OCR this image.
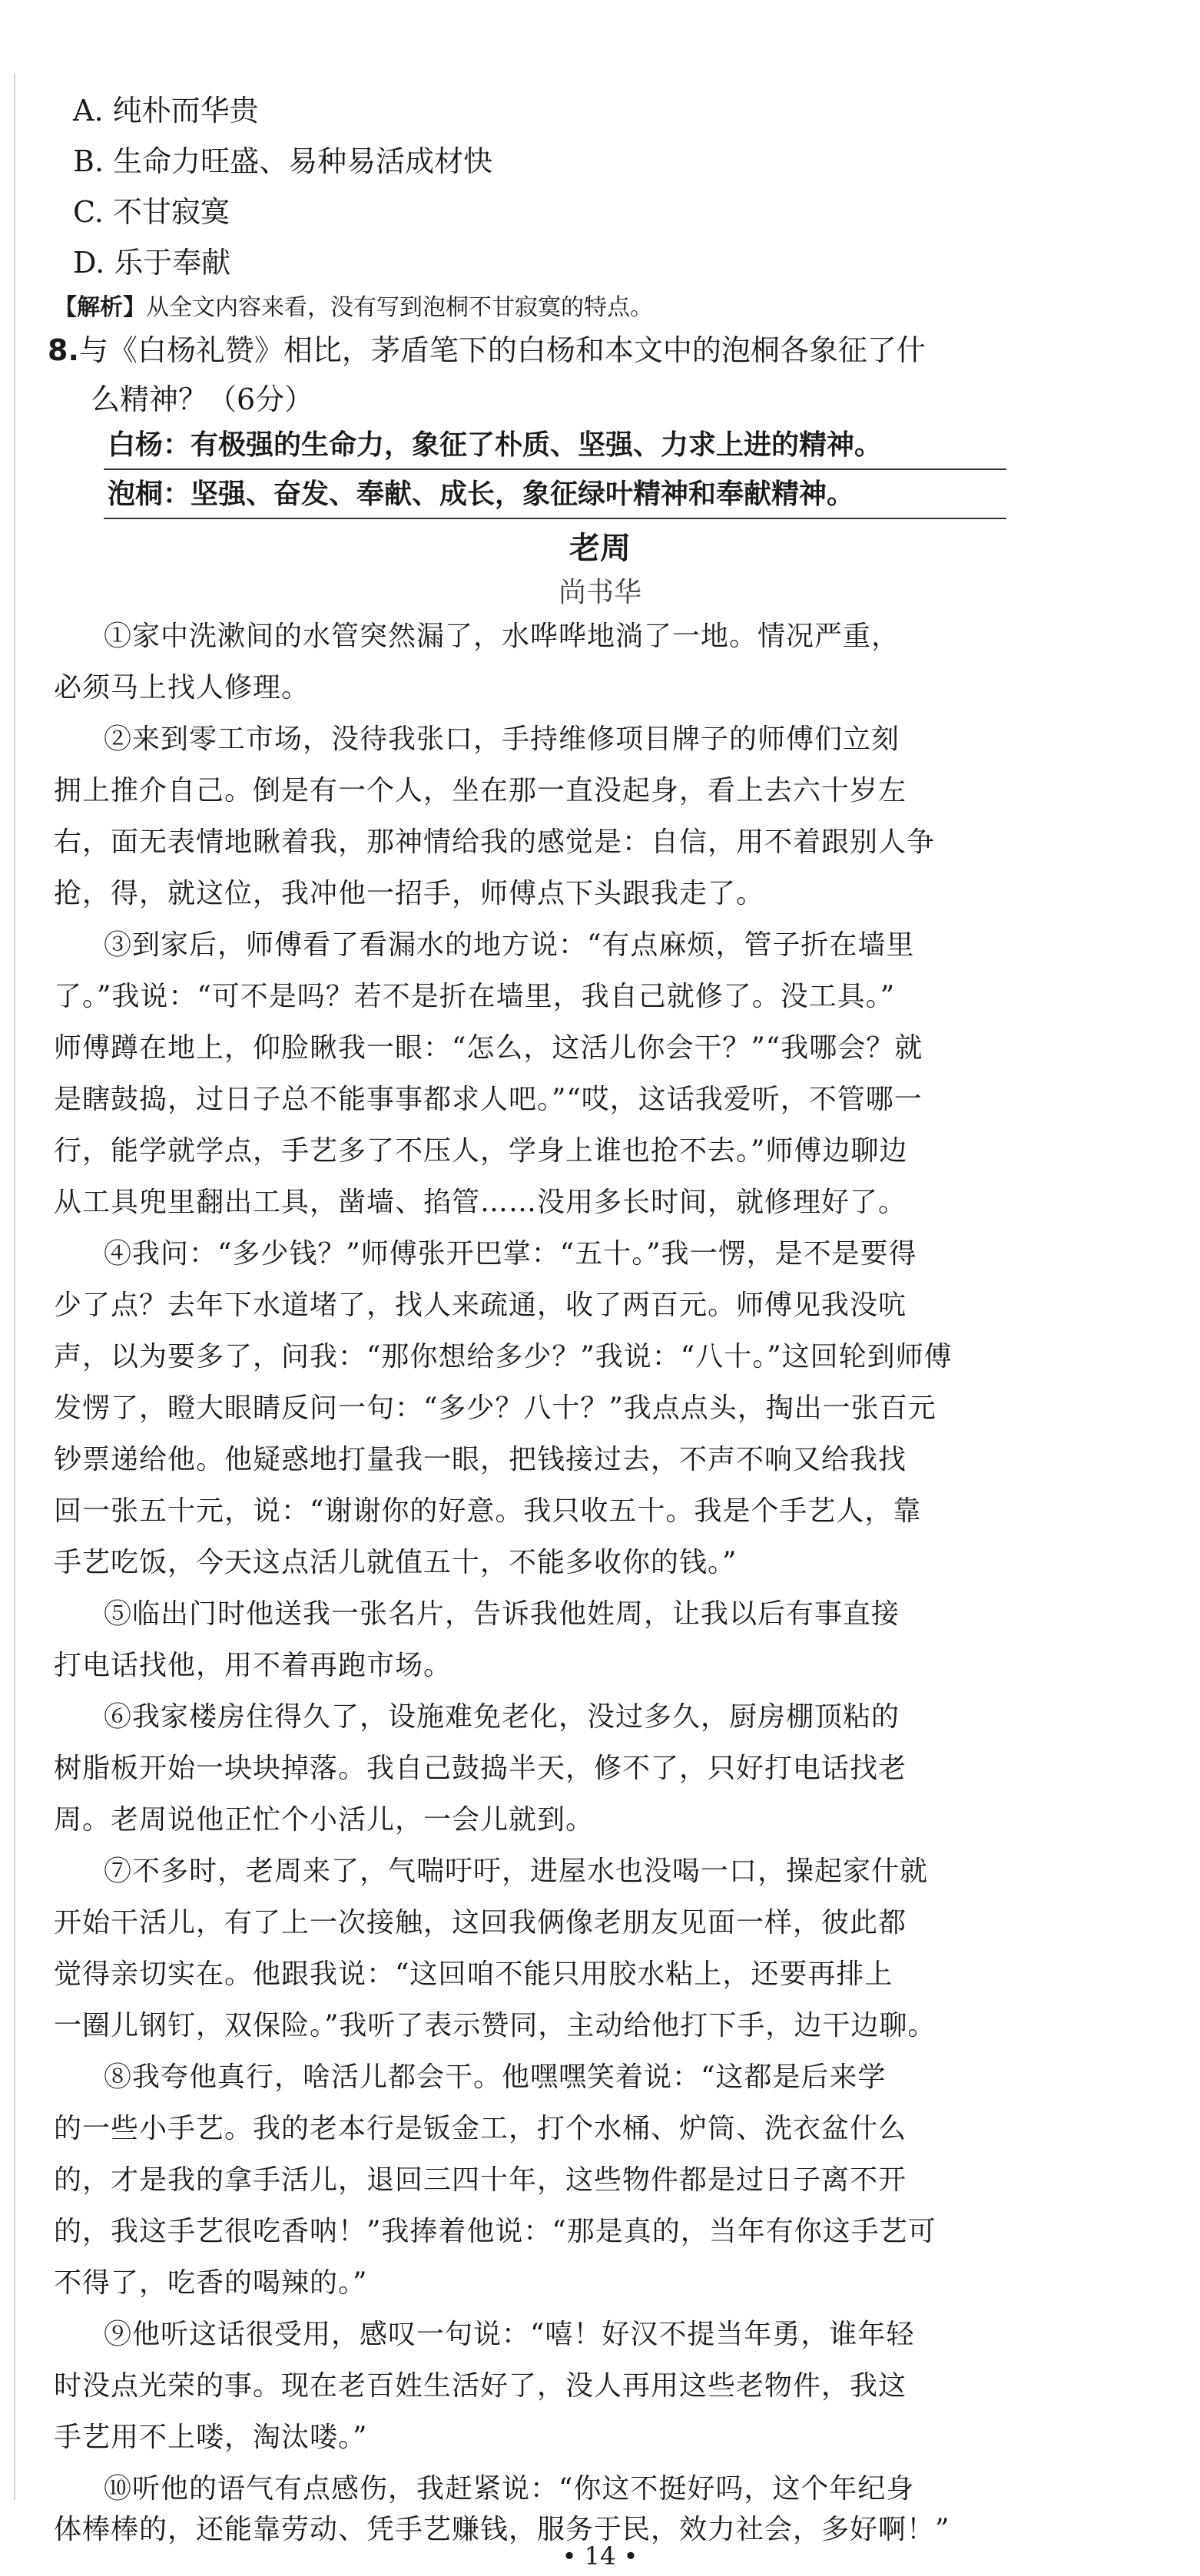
A. 纯朴而华贵
B. 生命力旺盛、易种易活成材快
C. 不甘寂寞
D. 乐于奉献
【解析】从全文内容来看，没有写到泡桐不甘寂寞的特点。
8.与《白杨礼赞》相比，茅盾笔下的白杨和本文中的泡桐各象征了什
么精神？（6分）
白杨：有极强的生命力，象征了朴质、坚强、力求上进的精神。
泡桐：坚强、奋发、奉献、成长，象征绿叶精神和奉献精神。
老周
尚书华
①家中洗漱间的水管突然漏了，水哗哗地淌了一地。情况严重，
必须马上找人修理。
②来到零工市场，没待我张口，手持维修项目牌子的师傅们立刻
拥上推介自己。倒是有一个人，坐在那一直没起身，看上去六十岁左
右，面无表情地瞅着我，那神情给我的感觉是：自信，用不着跟别人争
抢，得，就这位，我冲他一招手，师傅点下头跟我走了。
③到家后，师傅看了看漏水的地方说：“有点麻烦，管子折在墙里
了。”我说：“可不是吗？若不是折在墙里，我自己就修了。没工具。”
师傅蹲在地上，仰脸瞅我一眼：“怎么，这活儿你会干？”“我哪会？就
是瞎鼓捣，过日子总不能事事都求人吧。”“哎，这话我爱听，不管哪一
行，能学就学点，手艺多了不压人，学身上谁也抢不去。”师傅边聊边
从工具兜里翻出工具，凿墙、掐管……没用多长时间，就修理好了。
④我问：“多少钱？”师傅张开巴掌：“五十。”我一愣，是不是要得
少了点？去年下水道堵了，找人来疏通，收了两百元。师傅见我没吭
声，以为要多了，问我：“那你想给多少？”我说：“八十。”这回轮到师傅
发愣了，瞪大眼睛反问一句：“多少？八十？”我点点头，掏出一张百元
钞票递给他。他疑惑地打量我一眼，把钱接过去，不声不响又给我找
回一张五十元，说：“谢谢你的好意。我只收五十。我是个手艺人，靠
手艺吃饭，今天这点活儿就值五十，不能多收你的钱。”
⑤临出门时他送我一张名片，告诉我他姓周，让我以后有事直接
打电话找他，用不着再跑市场。
⑥我家楼房住得久了，设施难免老化，没过多久，厨房棚顶粘的
树脂板开始一块块掉落。我自己鼓捣半天，修不了，只好打电话找老
周。老周说他正忙个小活儿，一会儿就到。
⑦不多时，老周来了，气喘吁吁，进屋水也没喝一口，操起家什就
开始干活儿，有了上一次接触，这回我俩像老朋友见面一样，彼此都
觉得亲切实在。他跟我说：“这回咱不能只用胶水粘上，还要再排上
一圈儿钢钉，双保险。”我听了表示赞同，主动给他打下手，边干边聊。
⑧我夸他真行，啥活儿都会干。他嘿嘿笑着说：“这都是后来学
的一些小手艺。我的老本行是钣金工，打个水桶、炉筒、洗衣盆什么
的，才是我的拿手活儿，退回三四十年，这些物件都是过日子离不开
的，我这手艺很吃香呐！”我捧着他说：“那是真的，当年有你这手艺可
不得了，吃香的喝辣的。”
⑨他听这话很受用，感叹一句说：“嘻！好汉不提当年勇，谁年轻
时没点光荣的事。现在老百姓生活好了，没人再用这些老物件，我这
手艺用不上喽，淘汰喽。”
⑩听他的语气有点感伤，我赶紧说：“你这不挺好吗，这个年纪身
体棒棒的，还能靠劳动、凭手艺赚钱，服务于民，效力社会，多好啊！”
• 14 •
